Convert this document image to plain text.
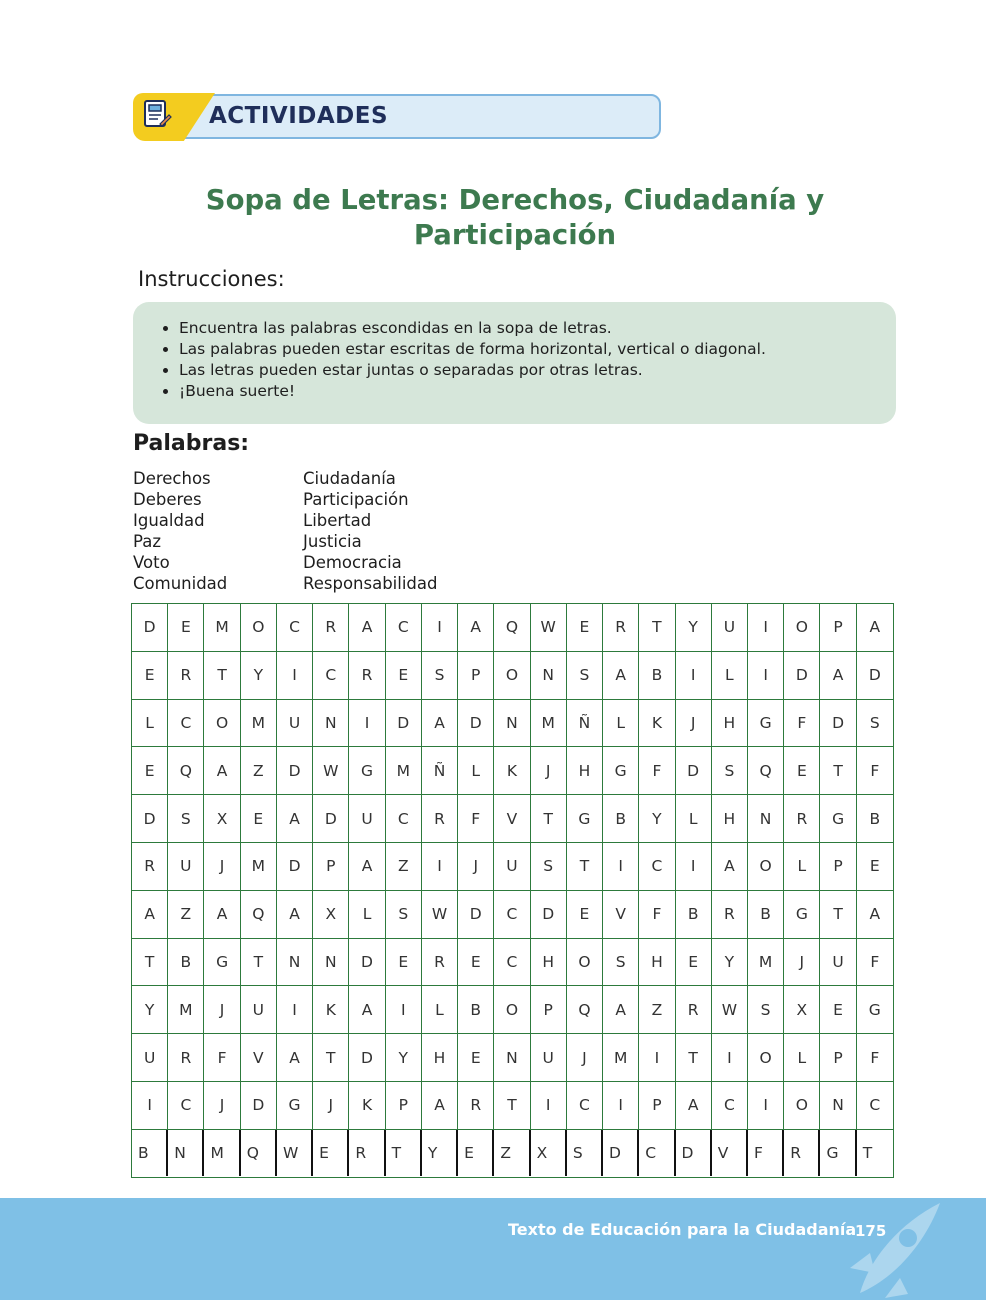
ACTIVIDADES
Sopa de Letras: Derechos, Ciudadanía y Participación
Instrucciones:
• Encuentra las palabras escondidas en la sopa de letras.
• Las palabras pueden estar escritas de forma horizontal, vertical o diagonal.
• Las letras pueden estar juntas o separadas por otras letras.
• ¡Buena suerte!
Palabras:
Derechos
Deberes
Igualdad
Paz
Voto
Comunidad
Ciudadanía
Participación
Libertad
Justicia
Democracia
Responsabilidad
D	E	M	O	C	R	A	C	I	A	Q	W	E	R	T	Y	U	I	O	P	A
E	R	T	Y	I	C	R	E	S	P	O	N	S	A	B	I	L	I	D	A	D
L	C	O	M	U	N	I	D	A	D	N	M	Ñ	L	K	J	H	G	F	D	S
E	Q	A	Z	D	W	G	M	Ñ	L	K	J	H	G	F	D	S	Q	E	T	F
D	S	X	E	A	D	U	C	R	F	V	T	G	B	Y	L	H	N	R	G	B
R	U	J	M	D	P	A	Z	I	J	U	S	T	I	C	I	A	O	L	P	E
A	Z	A	Q	A	X	L	S	W	D	C	D	E	V	F	B	R	B	G	T	A
T	B	G	T	N	N	D	E	R	E	C	H	O	S	H	E	Y	M	J	U	F
Y	M	J	U	I	K	A	I	L	B	O	P	Q	A	Z	R	W	S	X	E	G
U	R	F	V	A	T	D	Y	H	E	N	U	J	M	I	T	I	O	L	P	F
I	C	J	D	G	J	K	P	A	R	T	I	C	I	P	A	C	I	O	N	C
B	N	M	Q	W	E	R	T	Y	E	Z	X	S	D	C	D	V	F	R	G	T
Texto de Educación para la Ciudadanía
175
